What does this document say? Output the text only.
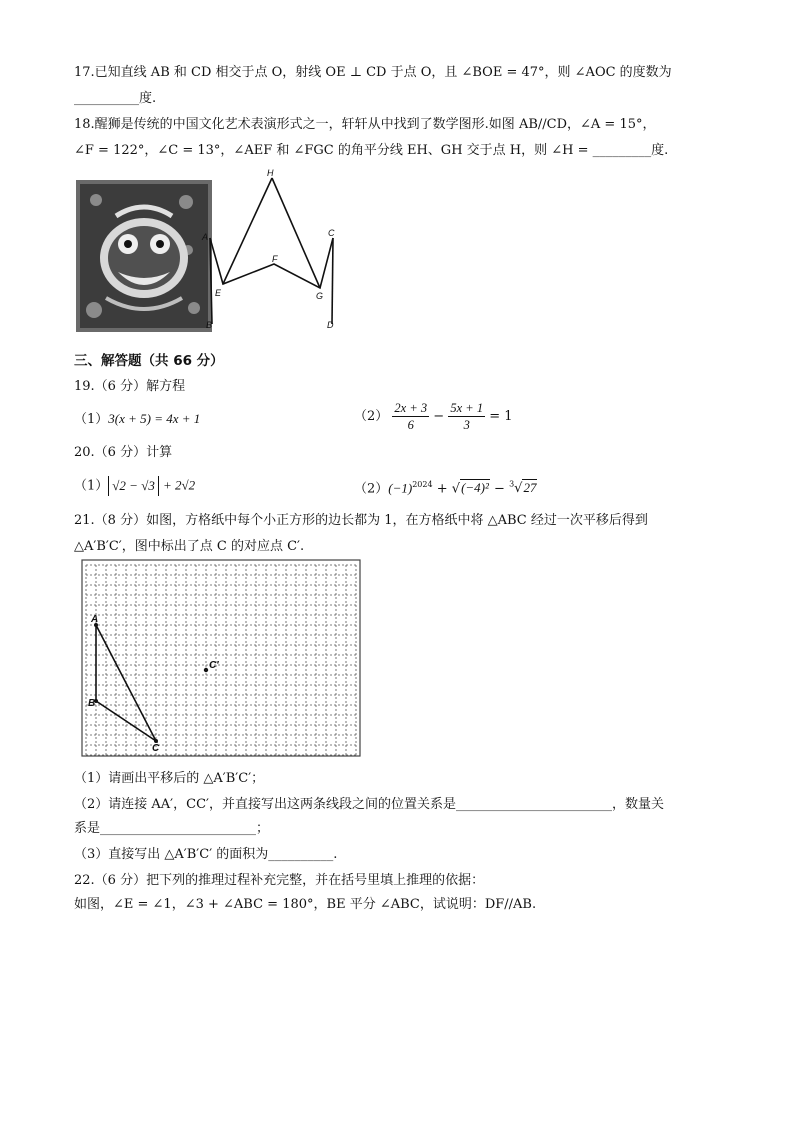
17.已知直线 AB 和 CD 相交于点 O，射线 OE ⊥ CD 于点 O，且 ∠BOE = 47°，则 ∠AOC 的度数为
__________度.
18.醒狮是传统的中国文化艺术表演形式之一，轩轩从中找到了数学图形.如图 AB//CD，∠A = 15°，
∠F = 122°，∠C = 13°，∠AEF 和 ∠FGC 的角平分线 EH、GH 交于点 H，则 ∠H = _________度.
H
A
F
C
E	G
B	D
三、解答题（共 66 分）
19.（6 分）解方程
（1）3(x + 5) = 4x + 1	$(2) \frac{2x + 3}{6} - \frac{5x + 1}{3} = 1$
20.（6 分）计算
（1） √2 − √3 + 2√2	$(2)(-1)^{2024} + √(-4)^2 - ^3√27$
21.（8 分）如图，方格纸中每个小正方形的边长都为 1，在方格纸中将 △ABC 经过一次平移后得到
△A′B′C′，图中标出了点 C 的对应点 C′.
A
B
C
C′
（1）请画出平移后的 △A′B′C′；
（2）请连接 AA′，CC′，并直接写出这两条线段之间的位置关系是________________________，数量关
系是________________________；
（3）直接写出 △A′B′C′ 的面积为__________.
22.（6 分）把下列的推理过程补充完整，并在括号里填上推理的依据：
如图，∠E = ∠1，∠3 + ∠ABC = 180°，BE 平分 ∠ABC，试说明：DF//AB.
